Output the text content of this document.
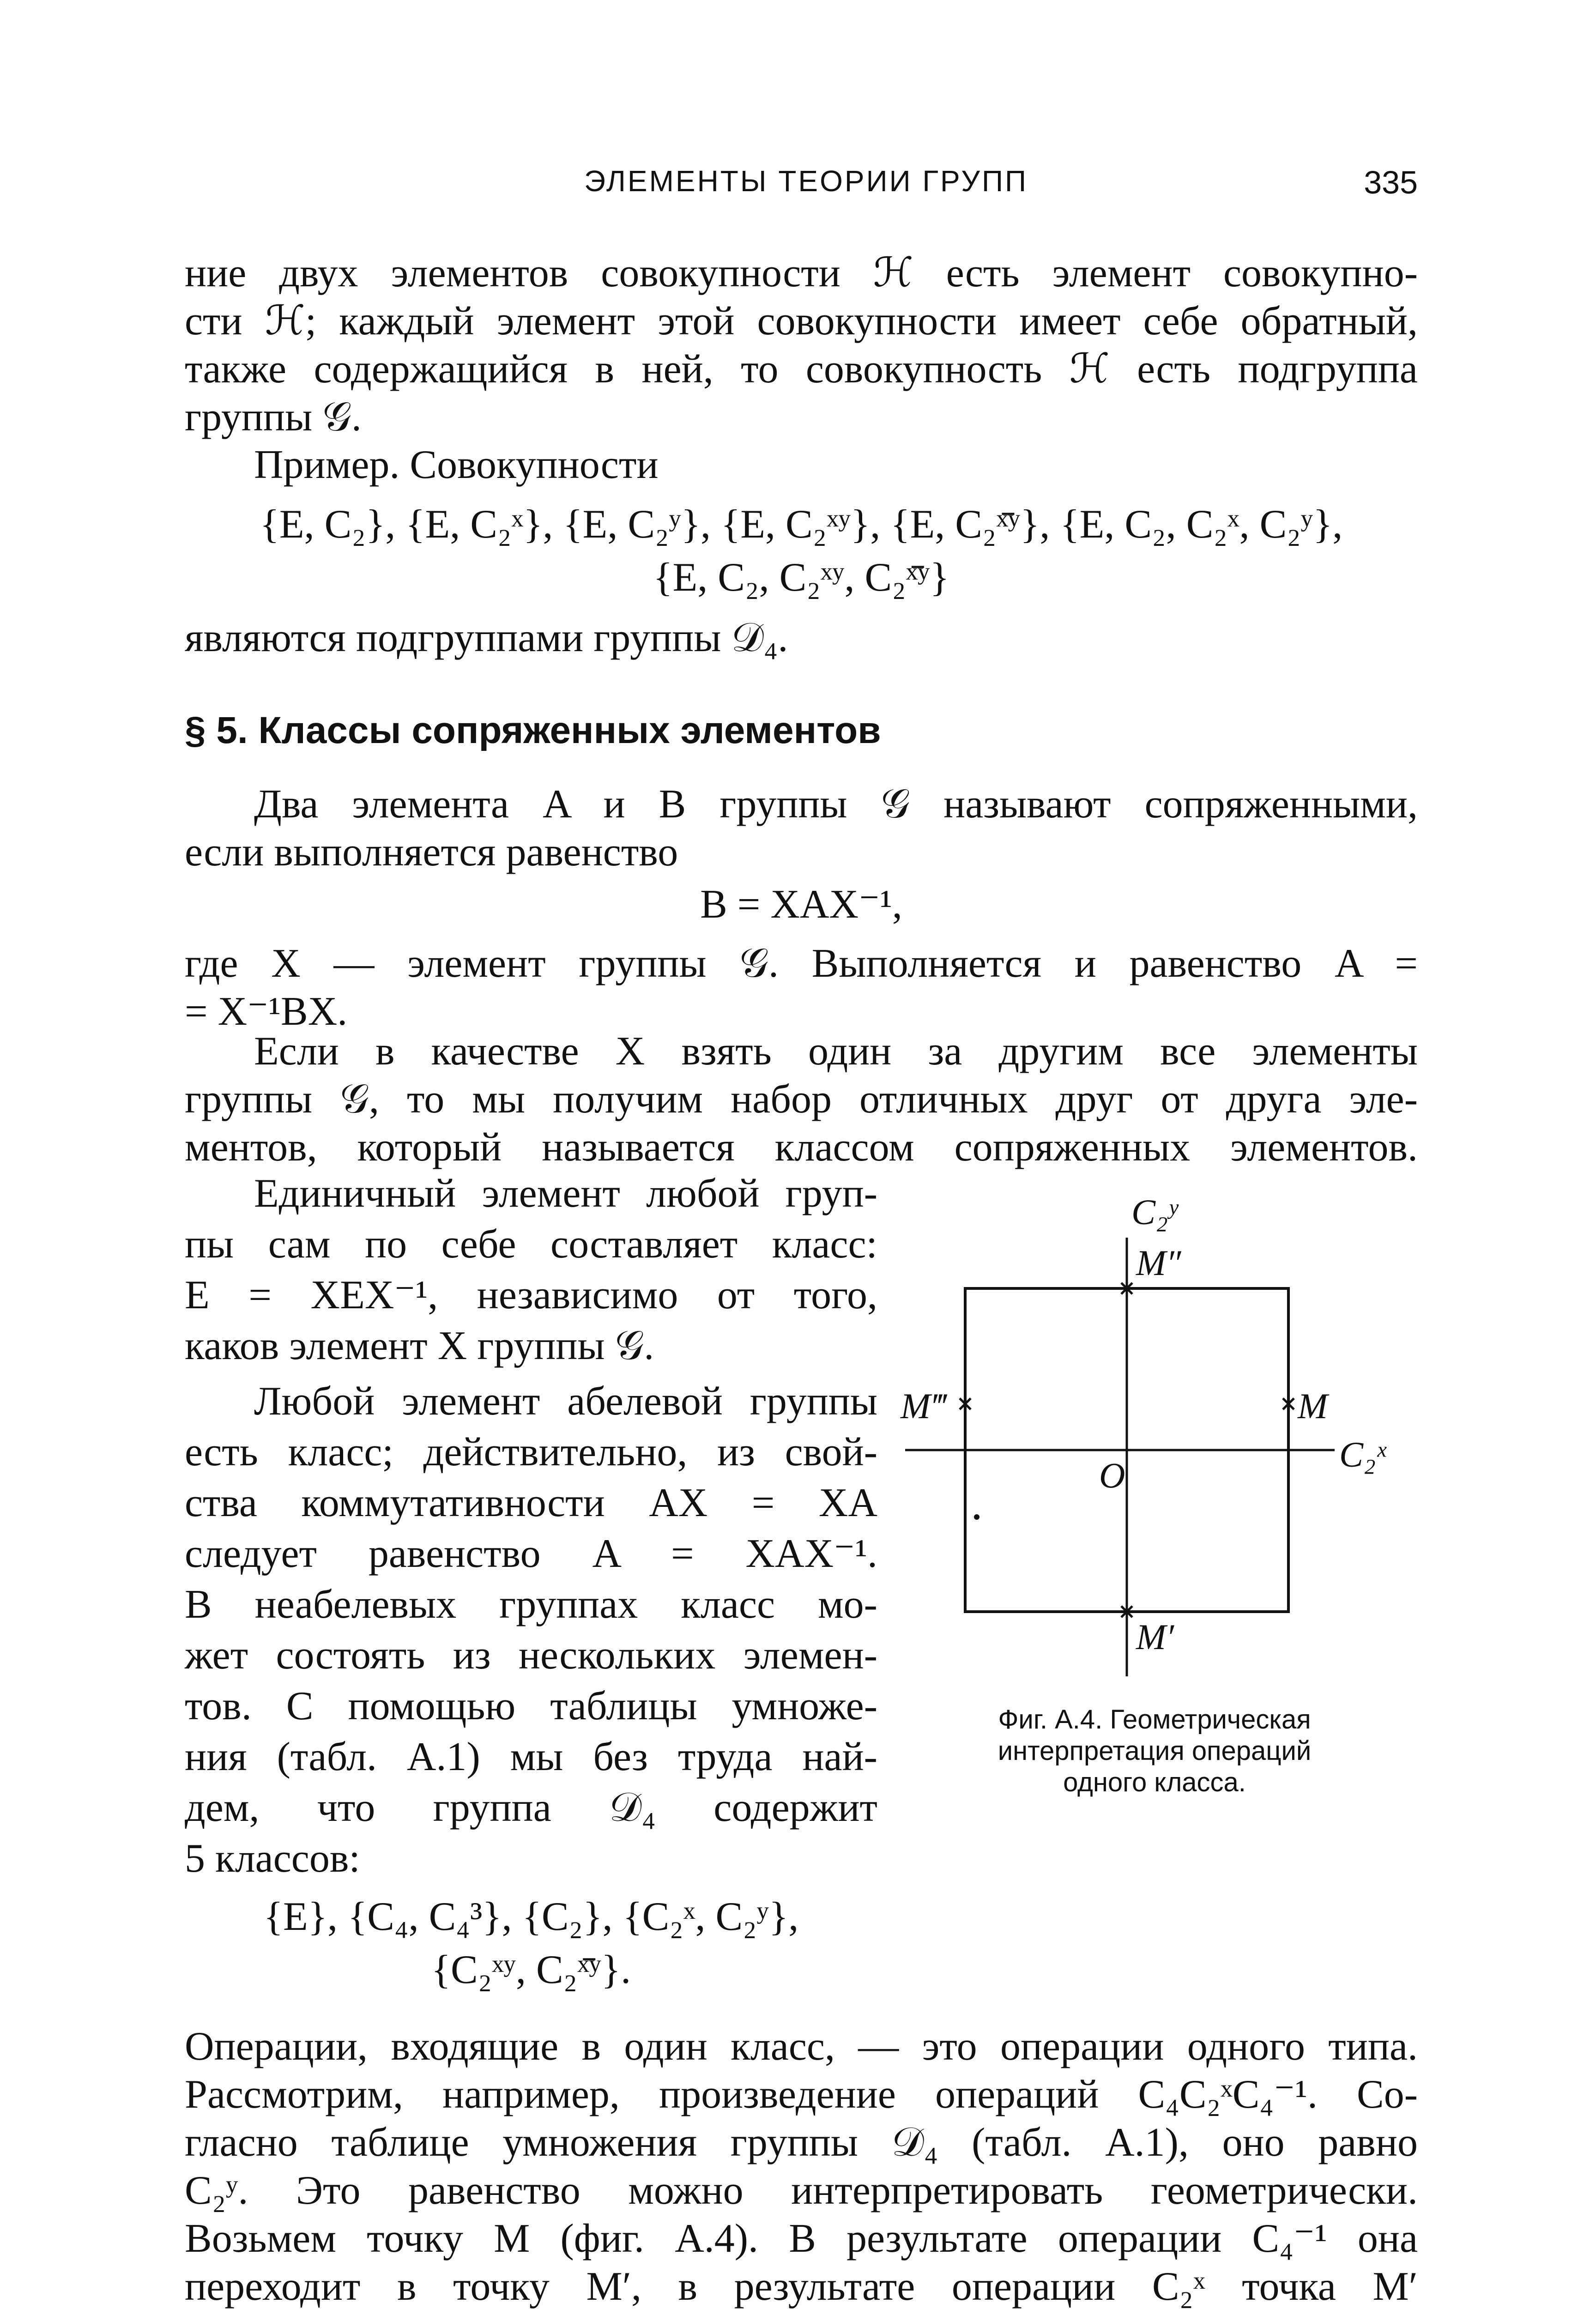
ЭЛЕМЕНТЫ ТЕОРИИ ГРУПП	335
ние двух элементов совокупности ℋ есть элемент совокупно-
сти ℋ; каждый элемент этой совокупности имеет себе обратный,
также содержащийся в ней, то совокупность ℋ есть подгруппа
группы 𝒢.
Пример. Совокупности
{E, C₂}, {E, C₂ˣ}, {E, C₂ʸ}, {E, C₂ˣʸ}, {E, C₂ˣ̄ʸ}, {E, C₂, C₂ˣ, C₂ʸ},
{E, C₂, C₂ˣʸ, C₂ˣ̄ʸ}
являются подгруппами группы 𝒟₄.
§ 5. Классы сопряженных элементов
Два элемента A и B группы 𝒢 называют сопряженными,
если выполняется равенство
B = XAX⁻¹,
где X — элемент группы 𝒢. Выполняется и равенство A =
= X⁻¹BX.
Если в качестве X взять один за другим все элементы
группы 𝒢, то мы получим набор отличных друг от друга эле-
ментов, который называется классом сопряженных элементов.
Единичный элемент любой груп-
пы сам по себе составляет класс:
E = XEX⁻¹, независимо от того,
каков элемент X группы 𝒢.
Любой элемент абелевой группы
есть класс; действительно, из свой-
ства коммутативности AX = XA
следует равенство A = XAX⁻¹.
В неабелевых группах класс мо-
жет состоять из нескольких элемен-
тов. С помощью таблицы умноже-
ния (табл. A.1) мы без труда най-
дем, что группа 𝒟₄ содержит
5 классов:
{E}, {C₄, C₄³}, {C₂}, {C₂ˣ, C₂ʸ},
{C₂ˣʸ, C₂ˣ̄ʸ}.
C₂ʸ
C₂ˣ
O
M
M′
M″
M‴
Фиг. A.4. Геометрическая
интерпретация операций
одного класса.
Операции, входящие в один класс, — это операции одного типа.
Рассмотрим, например, произведение операций C₄C₂ˣC₄⁻¹. Со-
гласно таблице умножения группы 𝒟₄ (табл. A.1), оно равно
C₂ʸ. Это равенство можно интерпретировать геометрически.
Возьмем точку M (фиг. A.4). В результате операции C₄⁻¹ она
переходит в точку M′, в результате операции C₂ˣ точка M′
